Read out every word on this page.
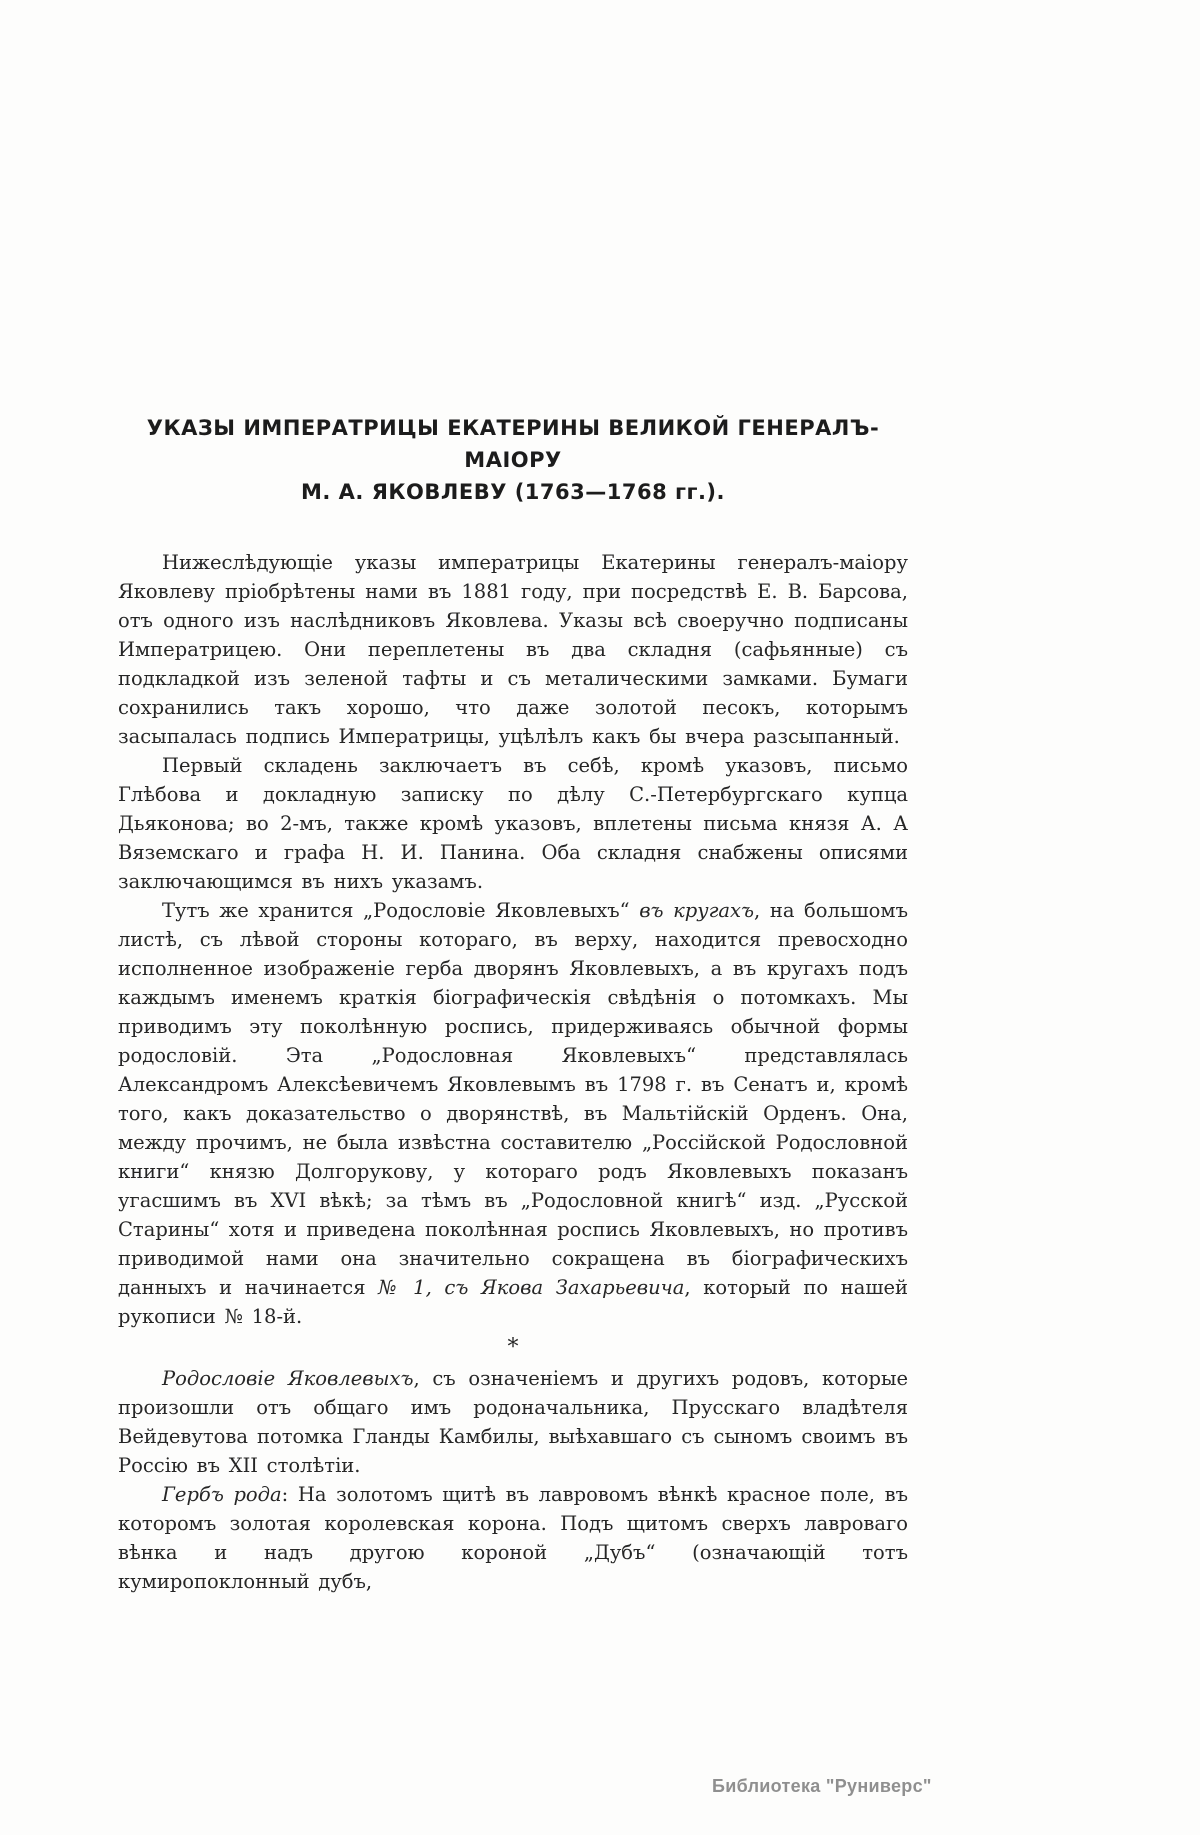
УКАЗЫ ИМПЕРАТРИЦЫ ЕКАТЕРИНЫ ВЕЛИКОЙ ГЕНЕРАЛЪ-МАІОРУ
М. А. ЯКОВЛЕВУ (1763—1768 гг.).

Нижеслѣдующіе указы императрицы Екатерины генералъ-маіору Яковлеву пріобрѣтены нами въ 1881 году, при посредствѣ Е. В. Барсова, отъ одного изъ наслѣдниковъ Яковлева. Указы всѣ своеручно подписаны Императрицею. Они переплетены въ два складня (сафьянные) съ подкладкой изъ зеленой тафты и съ металическими замками. Бумаги сохранились такъ хорошо, что даже золотой песокъ, которымъ засыпалась подпись Императрицы, уцѣлѣлъ какъ бы вчера разсыпанный.

Первый складень заключаетъ въ себѣ, кромѣ указовъ, письмо Глѣбова и докладную записку по дѣлу С.-Петербургскаго купца Дьяконова; во 2-мъ, также кромѣ указовъ, вплетены письма князя А. А Вяземскаго и графа Н. И. Панина. Оба складня снабжены описями заключающимся въ нихъ указамъ.

Тутъ же хранится „Родословіе Яковлевыхъ“ въ кругахъ, на большомъ листѣ, съ лѣвой стороны котораго, въ верху, находится превосходно исполненное изображеніе герба дворянъ Яковлевыхъ, а въ кругахъ подъ каждымъ именемъ краткія біографическія свѣдѣнія о потомкахъ. Мы приводимъ эту поколѣнную роспись, придерживаясь обычной формы родословій. Эта „Родословная Яковлевыхъ“ представлялась Александромъ Алексѣевичемъ Яковлевымъ въ 1798 г. въ Сенатъ и, кромѣ того, какъ доказательство о дворянствѣ, въ Мальтійскій Орденъ. Она, между прочимъ, не была извѣстна составителю „Россійской Родословной книги“ князю Долгорукову, у котораго родъ Яковлевыхъ показанъ угасшимъ въ XVI вѣкѣ; за тѣмъ въ „Родословной книгѣ“ изд. „Русской Старины“ хотя и приведена поколѣнная роспись Яковлевыхъ, но противъ приводимой нами она значительно сокращена въ біографическихъ данныхъ и начинается № 1, съ Якова Захарьевича, который по нашей рукописи № 18-й.

*

Родословіе Яковлевыхъ, съ означеніемъ и другихъ родовъ, которые произошли отъ общаго имъ родоначальника, Прусскаго владѣтеля Вейдевутова потомка Гланды Камбилы, выѣхавшаго съ сыномъ своимъ въ Россію въ XII столѣтіи.

Гербъ рода: На золотомъ щитѣ въ лавровомъ вѣнкѣ красное поле, въ которомъ золотая королевская корона. Подъ щитомъ сверхъ лавроваго вѣнка и надъ другою короной „Дубъ“ (означающій тотъ кумиропоклонный дубъ,

Библиотека "Руниверс"
